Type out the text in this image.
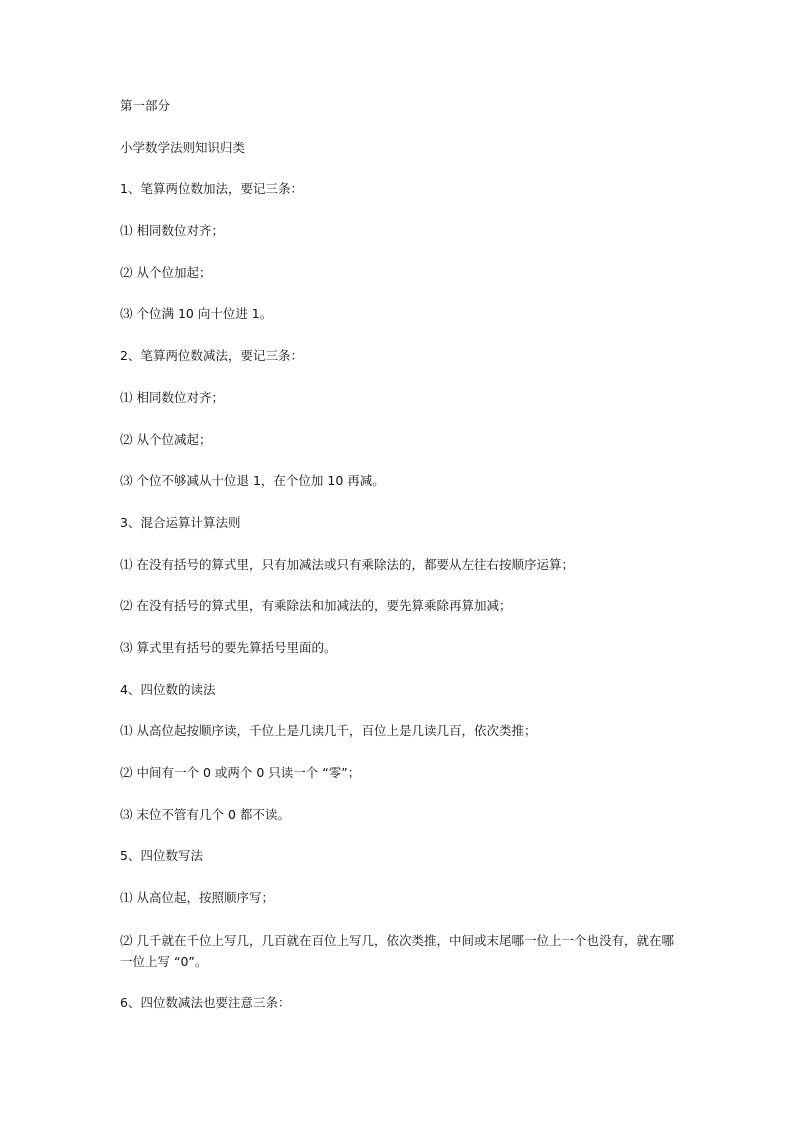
第一部分

小学数学法则知识归类

1、笔算两位数加法，要记三条：

⑴ 相同数位对齐；

⑵ 从个位加起；

⑶ 个位满 10 向十位进 1。

2、笔算两位数减法，要记三条：

⑴ 相同数位对齐；

⑵ 从个位减起；

⑶ 个位不够减从十位退 1，在个位加 10 再减。

3、混合运算计算法则

⑴ 在没有括号的算式里，只有加减法或只有乘除法的，都要从左往右按顺序运算；

⑵ 在没有括号的算式里，有乘除法和加减法的，要先算乘除再算加减；

⑶ 算式里有括号的要先算括号里面的。

4、四位数的读法

⑴ 从高位起按顺序读，千位上是几读几千，百位上是几读几百，依次类推；

⑵ 中间有一个 0 或两个 0 只读一个 “零”；

⑶ 末位不管有几个 0 都不读。

5、四位数写法

⑴ 从高位起，按照顺序写；

⑵ 几千就在千位上写几，几百就在百位上写几，依次类推，中间或末尾哪一位上一个也没有，就在哪一位上写 “0”。

6、四位数减法也要注意三条：
